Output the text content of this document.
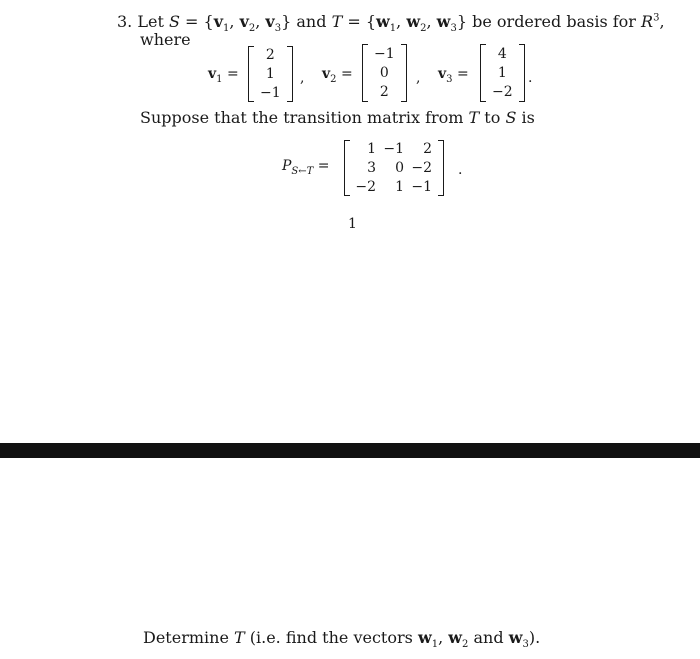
3. Let $S = \{v_1$, $v_2$, $v_3$} and $T = \{w_1$, $w_2$, $w_3$} be ordered basis for $R^3$,
where
$v_1$ =
2
1
−1
, $v_2$ =
−1
0
2
, $v_3$ =
4
1
−2
.
Suppose that the transition matrix from T to S is
$P_{S\leftarrow T}$ =
1 −1 2
3 0 −2
−2 1 −1
.
1
Determine T (i.e. find the vectors $w_1$, $w_2$ and $w_3$).
